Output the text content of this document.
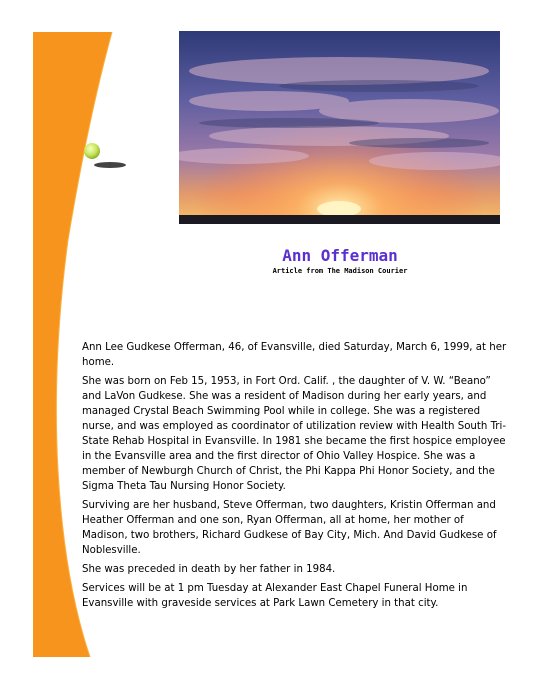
Ann Offerman
Article from The Madison Courier

Ann Lee Gudkese Offerman, 46, of Evansville, died Saturday, March 6, 1999, at her home.

She was born on Feb 15, 1953, in Fort Ord. Calif. , the daughter of V. W. “Beano” and LaVon Gudkese. She was a resident of Madison during her early years, and managed Crystal Beach Swimming Pool while in college. She was a registered nurse, and was employed as coordinator of utilization review with Health South Tri-State Rehab Hospital in Evansville. In 1981 she became the first hospice employee in the Evansville area and the first director of Ohio Valley Hospice. She was a member of Newburgh Church of Christ, the Phi Kappa Phi Honor Society, and the Sigma Theta Tau Nursing Honor Society.

Surviving are her husband, Steve Offerman, two daughters, Kristin Offerman and Heather Offerman and one son, Ryan Offerman, all at home, her mother of Madison, two brothers, Richard Gudkese of Bay City, Mich. And David Gudkese of Noblesville.

She was preceded in death by her father in 1984.

Services will be at 1 pm Tuesday at Alexander East Chapel Funeral Home in Evansville with graveside services at Park Lawn Cemetery in that city.
